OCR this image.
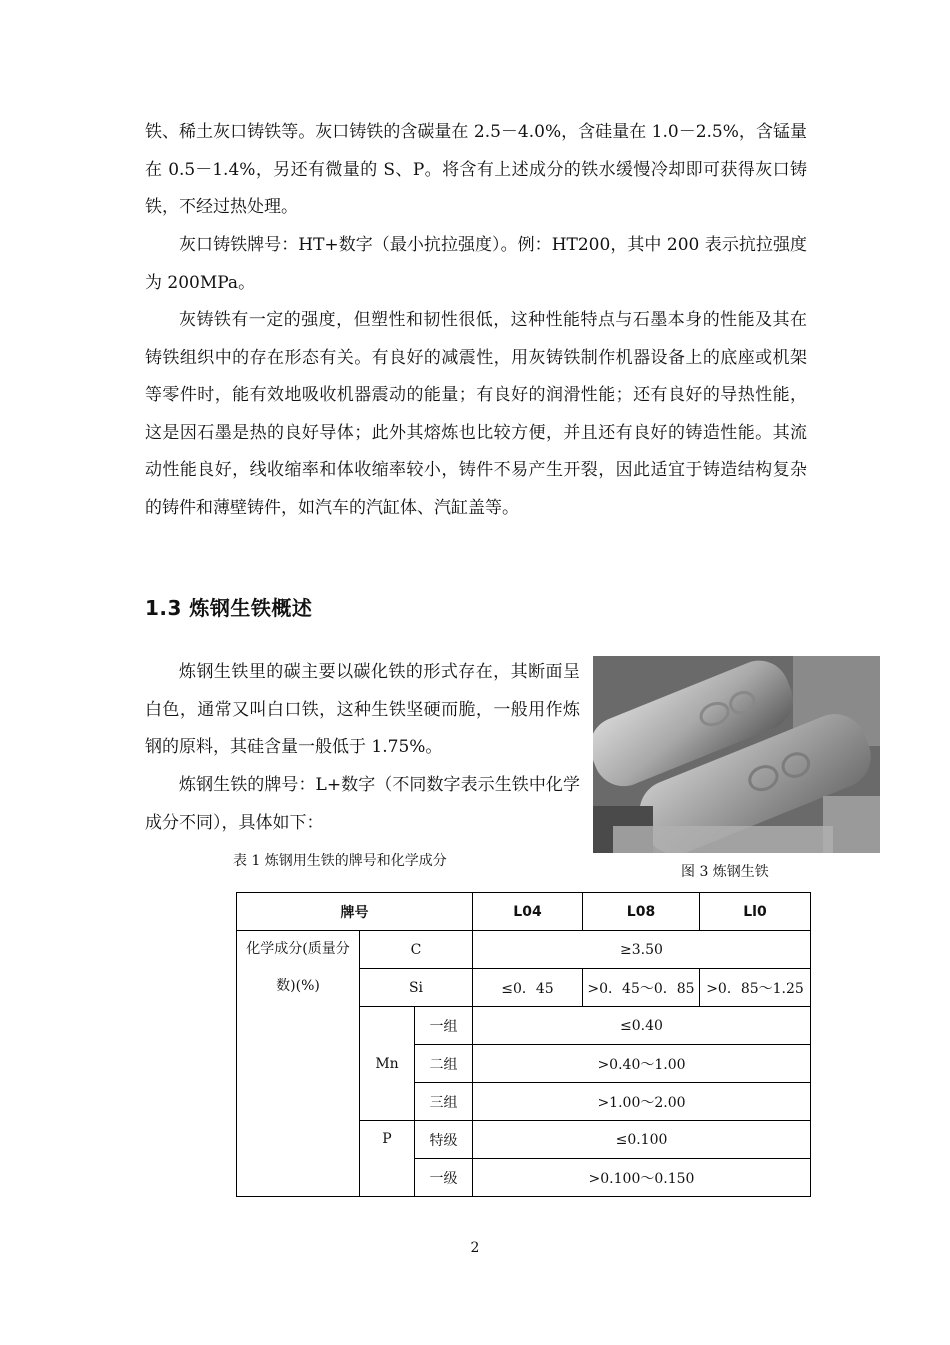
铁、稀土灰口铸铁等。灰口铸铁的含碳量在 2.5－4.0%，含硅量在 1.0－2.5%，含锰量在 0.5－1.4%，另还有微量的 S、P。将含有上述成分的铁水缓慢冷却即可获得灰口铸铁，不经过热处理。

灰口铸铁牌号：HT+数字（最小抗拉强度）。例：HT200，其中 200 表示抗拉强度为 200MPa。

灰铸铁有一定的强度，但塑性和韧性很低，这种性能特点与石墨本身的性能及其在铸铁组织中的存在形态有关。有良好的减震性，用灰铸铁制作机器设备上的底座或机架等零件时，能有效地吸收机器震动的能量；有良好的润滑性能；还有良好的导热性能，这是因石墨是热的良好导体；此外其熔炼也比较方便，并且还有良好的铸造性能。其流动性能良好，线收缩率和体收缩率较小，铸件不易产生开裂，因此适宜于铸造结构复杂的铸件和薄壁铸件，如汽车的汽缸体、汽缸盖等。

1.3 炼钢生铁概述

炼钢生铁里的碳主要以碳化铁的形式存在，其断面呈白色，通常又叫白口铁，这种生铁坚硬而脆，一般用作炼钢的原料，其硅含量一般低于 1.75%。

炼钢生铁的牌号：L+数字（不同数字表示生铁中化学成分不同），具体如下：

表 1 炼钢用生铁的牌号和化学成分

图 3 炼钢生铁

牌号			L04	L08	Ll0
化学成分(质量分数)(%)	C		≥3.50		
	Si		≤0．45	>0．45～0．85	>0．85～1.25
	Mn	一组	≤0.40		
		二组	>0.40～1.00		
		三组	>1.00～2.00		
	P	特级	≤0.100		
		一级	>0.100～0.150		

2
